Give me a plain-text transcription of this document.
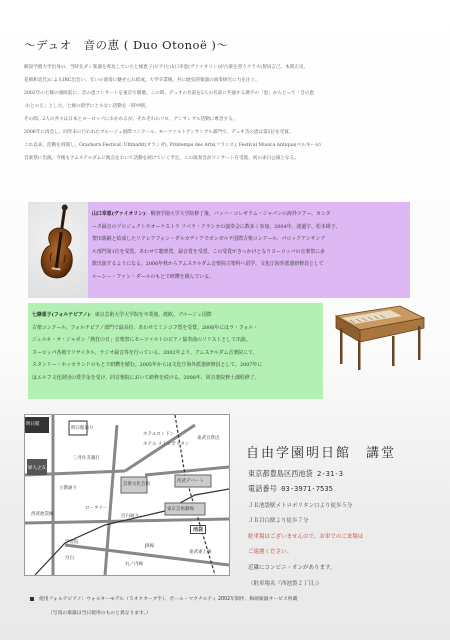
～デュオ　音の恵 ( Duo Otonoë )～

解説学園大学出身の、当時先ダン楽器を専攻していた七條恵子(ピア)と山口幸恵(ヴァイオリン)が古楽を習うクラス(智田言己、本間正史、

花崎和美氏)によるIRC出会い、互いの演奏に魅せられ結成。大学卒業後、共に歴史的楽器の演奏研究に力を注ぐ。

2002年の七條の渡欧前に、音の恵コンサートを東京で開催。この時、デュオの名前を2人の名前に共通する漢字の「恵」からとって「音の恵

-おとのえ」とした。七條の留学にともない活動を一時中断。

その間、2人の共々は日本とヨーロッパにおかれるが、それぞれのソロ、アンサンブル活動に專念する。

2006年に再会し、同年末に行われたブルージュ国際コンクール、モーツァルトアンサンブル部門で、デュオ音の恵は第1位を受賞。

これ以来、活動を再開し、Grachorn Festival, Ultmarkt(オランダ), Printemps des Arts(フランス), Festival Musica Antiqua(ベルギー)の

音楽祭に出演。今後もアムステルダムに拠点をおいて活動を続けていく予定。この演奏会がコンサート在受賞、初の来日公演となる。

山口幸恵(ヴァイオリン)：桐朋学園大学大学院修了後、バッハ・コレギウム・ジャパンの海外ツアー、カンタ

ータ録音のプロジェクトやオーケストラ リベラ・クラシカの演奏会に数多く参加。2004年、渡邊宇、松本緋子、

黎田義嗣と結成したリクレアフォン・ダルカディアでボンガルテ国際古楽コンクール、パロックアンサンブ

ル部門第1位を受賞。あわせて聴衆賞、録音賞を受賞。この受賞がきっかけとなりヨーロッパの音楽祭に多

数出演するようになる。2006年秋からアムステルダム音楽院古楽科へ留学、文化庁海外派遣研修員として

ルーシー・ファン・ダールのもとで研鑽を積んでいる。

七條恵子(フォルテピアノ)：東京芸術大学大学院を卒業後、渡欧。ブルージュ国際

古楽コンクール、フォルテピアノ部門で最高位、あわせてミシコフ賞を受賞。2006年にはラ・フォル・

ジュルネ・オ・ジャポン「熱狂の日」音楽祭にモーツァルトのピアノ協奏曲のソリストとして出演。

ヨーロッパ各地でリサイタル、ラジオ録音等を行っている。2002年より、アムステルダム音楽院にて、

スタンリー・ホッホランドのもとで研鑽を積む。2005年からは文化庁海外派遣研修員として。2007年に

はエルフ文化財団の奨学金を受け、同音楽院において研修を続ける。2008年、同音楽院修士課程修了。

明日館
明日館通り
ホテルロンドン
ホテル メトロポリタン
婦人之友社
池袋
三井住友銀行
芸術文化会館
西武デパート
東京芸術劇場
目白通り
立教通り
西武池袋線
学習院
目白
ロータリー
東武百貨店
東武東上線
JR線
丸ノ内線
自由学園明日館　講堂
東京都豊島区西池袋 2-31-3
電話番号 03-3971-7535
ＪＲ池袋駅メトロポリタン口より徒歩５分
ＪＲ目白駅より徒歩７分
駐車場はございませんので、お車でのご来場は
ご遠慮ください。
近隣にコンビニ・オンがあります。
（駐車場名『西池袋２丁目』）
使用フォルテピアノ：ウォルターモデル（５オクターブ半）、ポール・マクナルティ 2002年制作、梅岡楽器サービス所蔵
（写真の楽器は当日使用のものと異なります。）
